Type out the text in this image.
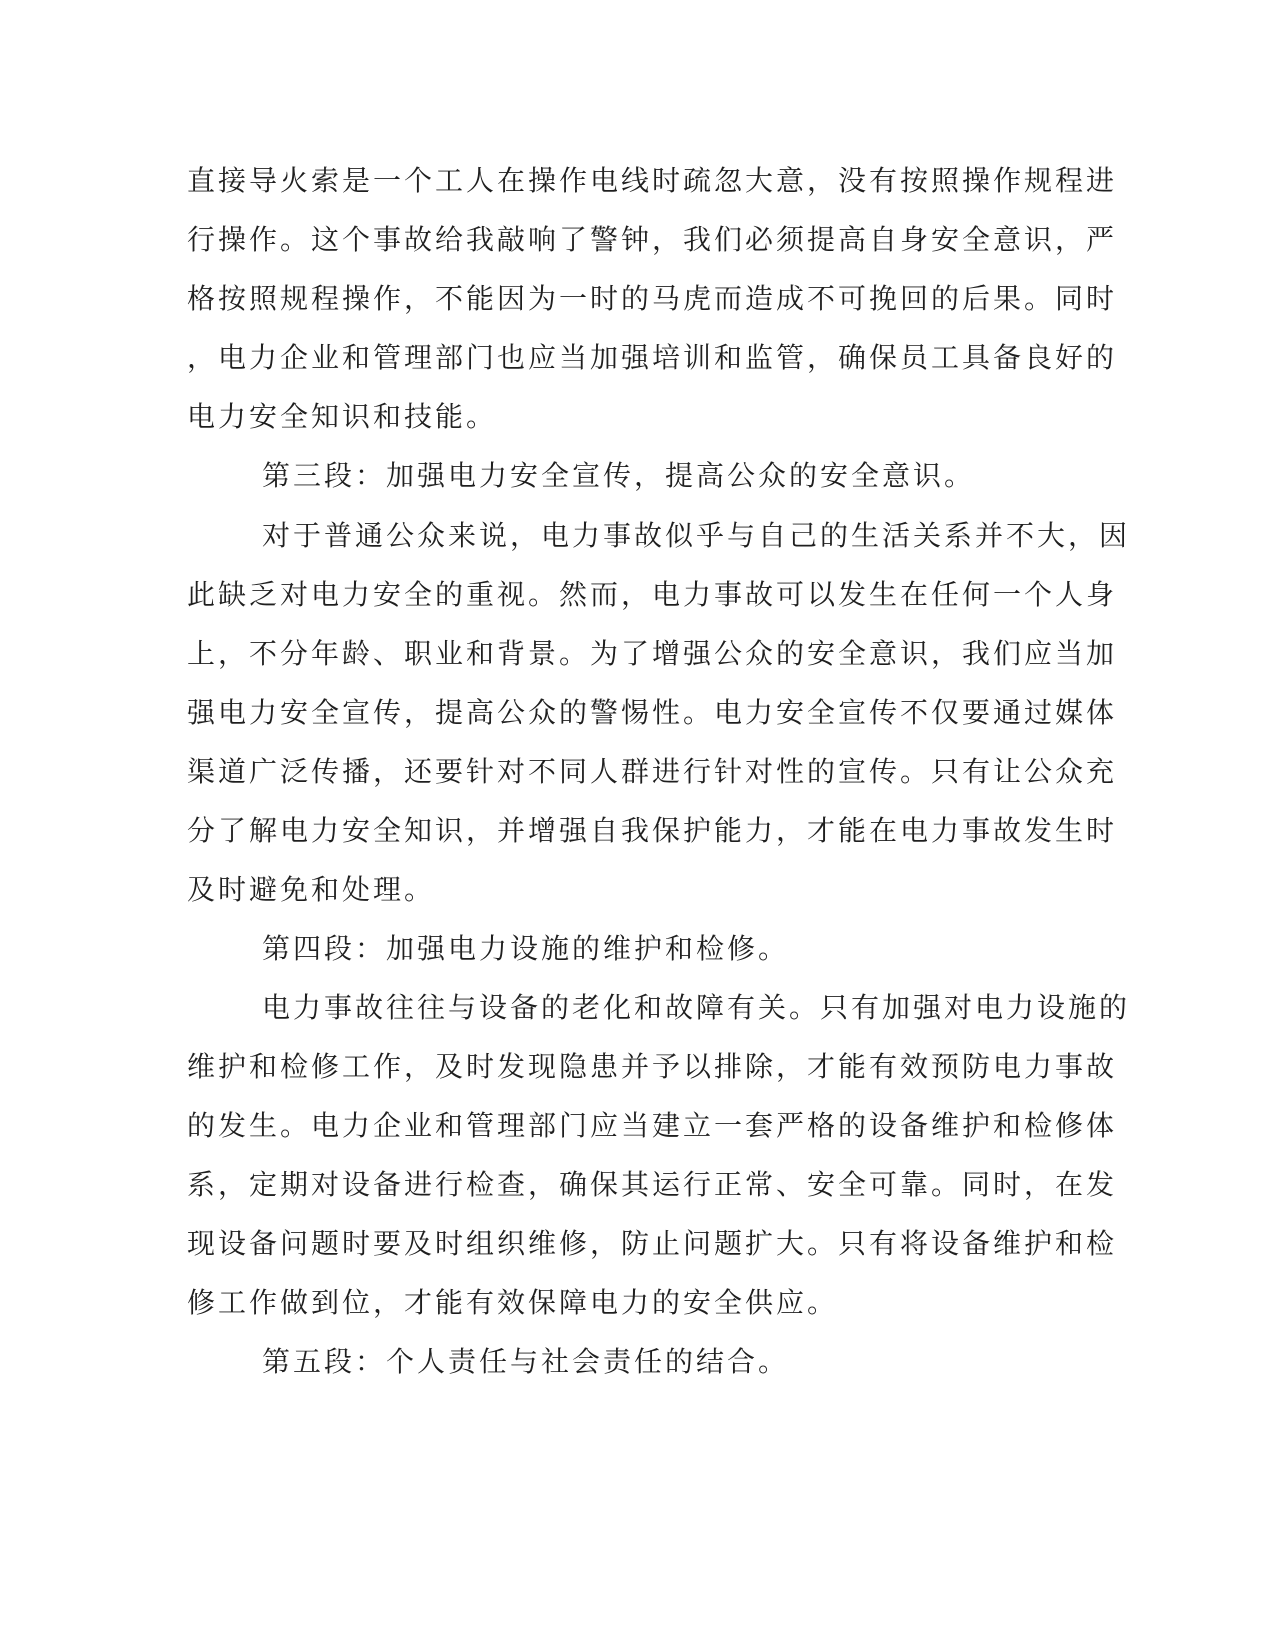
直接导火索是一个工人在操作电线时疏忽大意，没有按照操作规程进

行操作。这个事故给我敲响了警钟，我们必须提高自身安全意识，严

格按照规程操作，不能因为一时的马虎而造成不可挽回的后果。同时

，电力企业和管理部门也应当加强培训和监管，确保员工具备良好的

电力安全知识和技能。

第三段：加强电力安全宣传，提高公众的安全意识。

对于普通公众来说，电力事故似乎与自己的生活关系并不大，因

此缺乏对电力安全的重视。然而，电力事故可以发生在任何一个人身

上，不分年龄、职业和背景。为了增强公众的安全意识，我们应当加

强电力安全宣传，提高公众的警惕性。电力安全宣传不仅要通过媒体

渠道广泛传播，还要针对不同人群进行针对性的宣传。只有让公众充

分了解电力安全知识，并增强自我保护能力，才能在电力事故发生时

及时避免和处理。

第四段：加强电力设施的维护和检修。

电力事故往往与设备的老化和故障有关。只有加强对电力设施的

维护和检修工作，及时发现隐患并予以排除，才能有效预防电力事故

的发生。电力企业和管理部门应当建立一套严格的设备维护和检修体

系，定期对设备进行检查，确保其运行正常、安全可靠。同时，在发

现设备问题时要及时组织维修，防止问题扩大。只有将设备维护和检

修工作做到位，才能有效保障电力的安全供应。

第五段：个人责任与社会责任的结合。
